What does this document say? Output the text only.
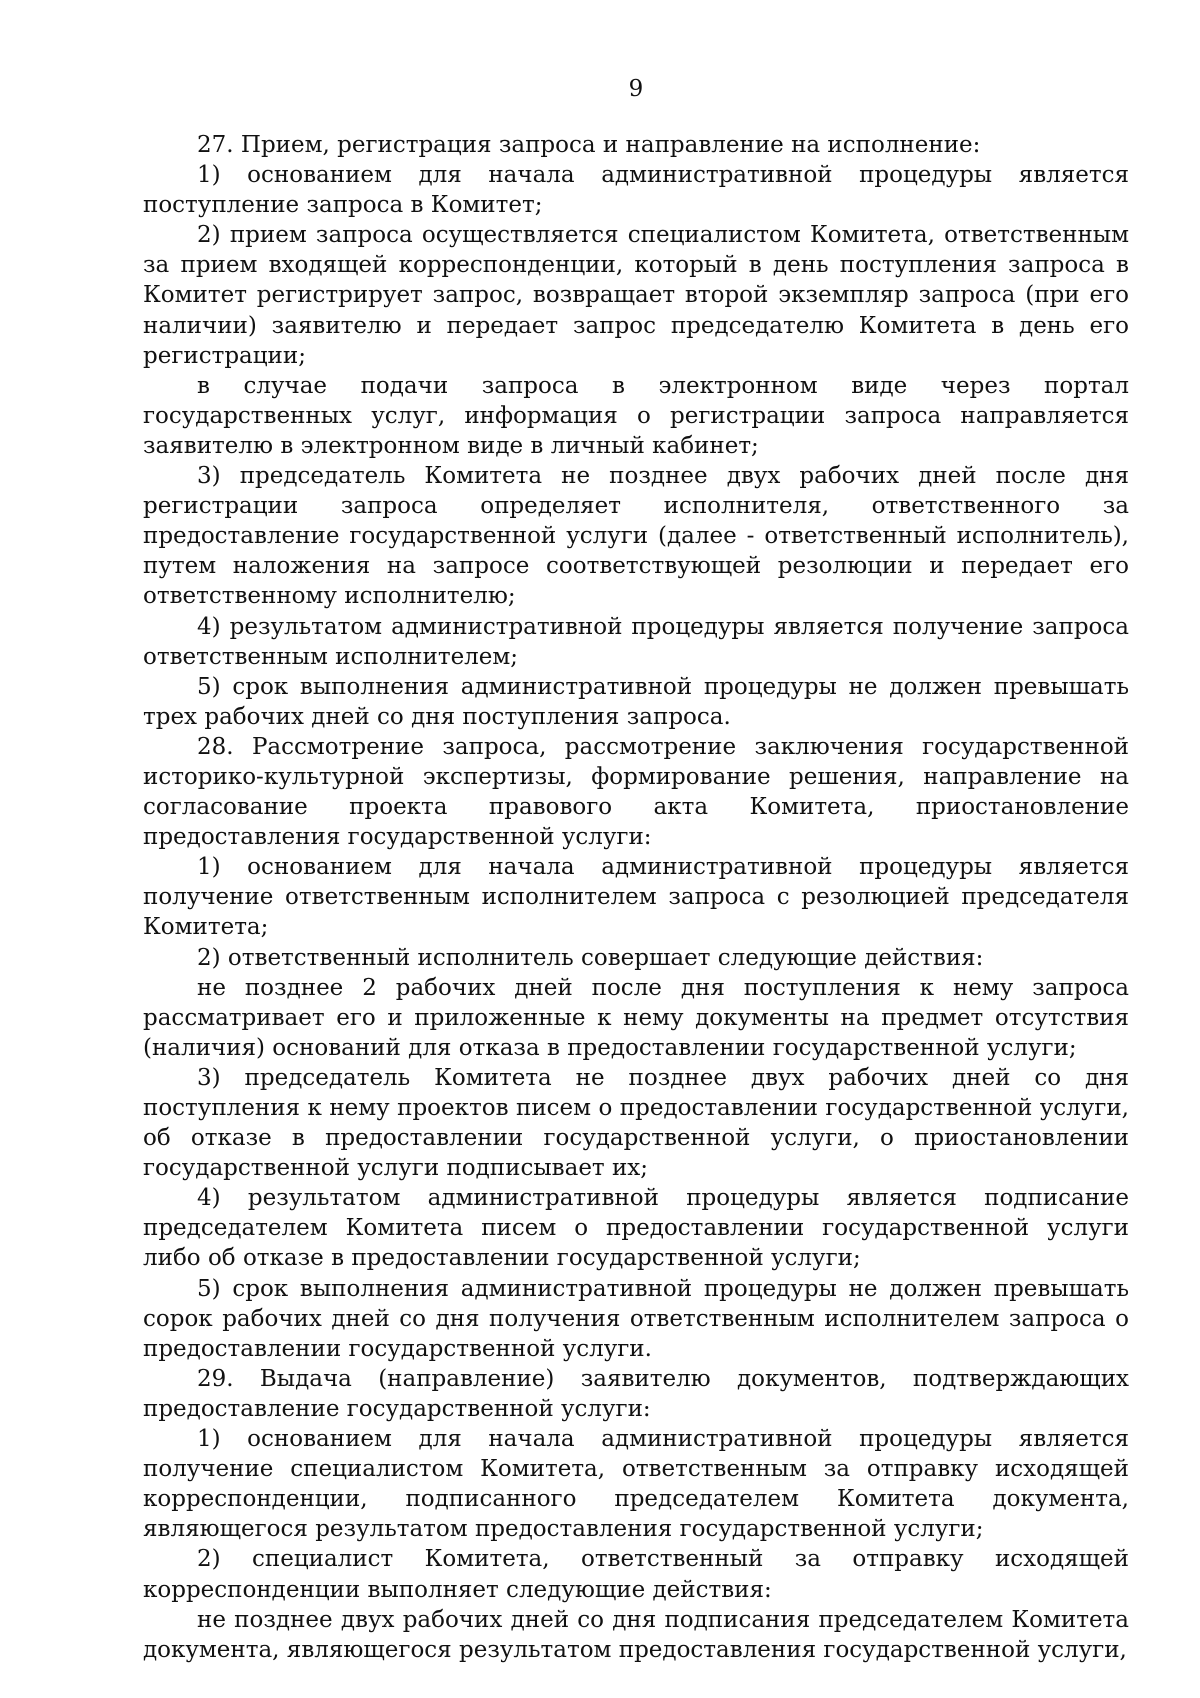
9

27. Прием, регистрация запроса и направление на исполнение:

1) основанием для начала административной процедуры является поступление запроса в Комитет;

2) прием запроса осуществляется специалистом Комитета, ответственным за прием входящей корреспонденции, который в день поступления запроса в Комитет регистрирует запрос, возвращает второй экземпляр запроса (при его наличии) заявителю и передает запрос председателю Комитета в день его регистрации;

в случае подачи запроса в электронном виде через портал государственных услуг, информация о регистрации запроса направляется заявителю в электронном виде в личный кабинет;

3) председатель Комитета не позднее двух рабочих дней после дня регистрации запроса определяет исполнителя, ответственного за предоставление государственной услуги (далее - ответственный исполнитель), путем наложения на запросе соответствующей резолюции и передает его ответственному исполнителю;

4) результатом административной процедуры является получение запроса ответственным исполнителем;

5) срок выполнения административной процедуры не должен превышать трех рабочих дней со дня поступления запроса.

28. Рассмотрение запроса, рассмотрение заключения государственной историко-культурной экспертизы, формирование решения, направление на согласование проекта правового акта Комитета, приостановление предоставления государственной услуги:

1) основанием для начала административной процедуры является получение ответственным исполнителем запроса с резолюцией председателя Комитета;

2) ответственный исполнитель совершает следующие действия:

не позднее 2 рабочих дней после дня поступления к нему запроса рассматривает его и приложенные к нему документы на предмет отсутствия (наличия) оснований для отказа в предоставлении государственной услуги;

3) председатель Комитета не позднее двух рабочих дней со дня поступления к нему проектов писем о предоставлении государственной услуги, об отказе в предоставлении государственной услуги, о приостановлении государственной услуги подписывает их;

4) результатом административной процедуры является подписание председателем Комитета писем о предоставлении государственной услуги либо об отказе в предоставлении государственной услуги;

5) срок выполнения административной процедуры не должен превышать сорок рабочих дней со дня получения ответственным исполнителем запроса о предоставлении государственной услуги.

29. Выдача (направление) заявителю документов, подтверждающих предоставление государственной услуги:

1) основанием для начала административной процедуры является получение специалистом Комитета, ответственным за отправку исходящей корреспонденции, подписанного председателем Комитета документа, являющегося результатом предоставления государственной услуги;

2) специалист Комитета, ответственный за отправку исходящей корреспонденции выполняет следующие действия:

не позднее двух рабочих дней со дня подписания председателем Комитета документа, являющегося результатом предоставления государственной услуги,
